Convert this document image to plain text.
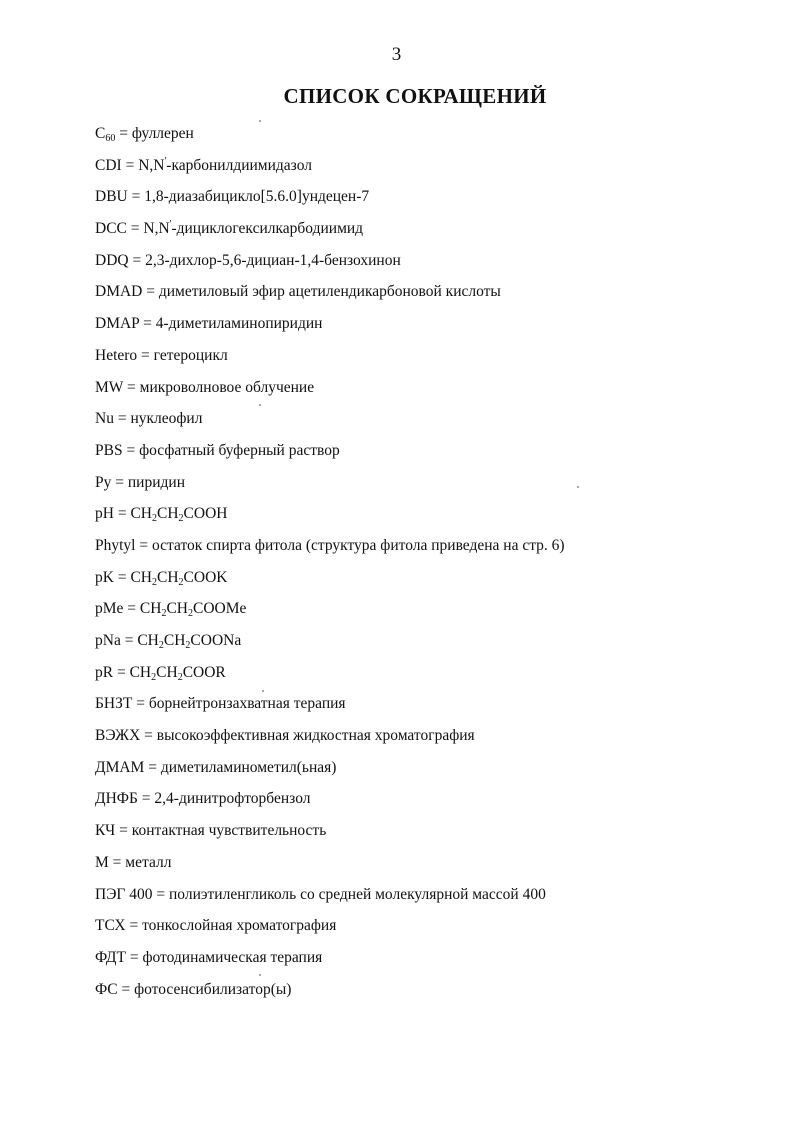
3
СПИСОК СОКРАЩЕНИЙ
$C_{60}$ = фуллерен
CDI = N,N'-карбонилдиимидазол
DBU = 1,8-диазабицикло[5.6.0]ундецен-7
DCC = N,N'-дициклогексилкарбодиимид
DDQ = 2,3-дихлор-5,6-дициан-1,4-бензохинон
DMAD = диметиловый эфир ацетилендикарбоновой кислоты
DMAP = 4-диметиламинопиридин
Hetero = гетероцикл
MW = микроволновое облучение
Nu = нуклеофил
PBS = фосфатный буферный раствор
Py = пиридин
pH = $CH_2CH_2COOH$
Phytyl = остаток спирта фитола (структура фитола приведена на стр. 6)
pK = $CH_2CH_2COOK$
pMe = $CH_2CH_2COOMe$
pNa = $CH_2CH_2COONa$
pR = $CH_2CH_2COOR$
БНЗТ = борнейтронзахватная терапия
ВЭЖХ = высокоэффективная жидкостная хроматография
ДМАМ = диметиламинометил(ьная)
ДНФБ = 2,4-динитрофторбензол
КЧ = контактная чувствительность
M = металл
ПЭГ 400 = полиэтиленгликоль со средней молекулярной массой 400
ТСХ = тонкослойная хроматография
ФДТ = фотодинамическая терапия
ФС = фотосенсибилизатор(ы)
